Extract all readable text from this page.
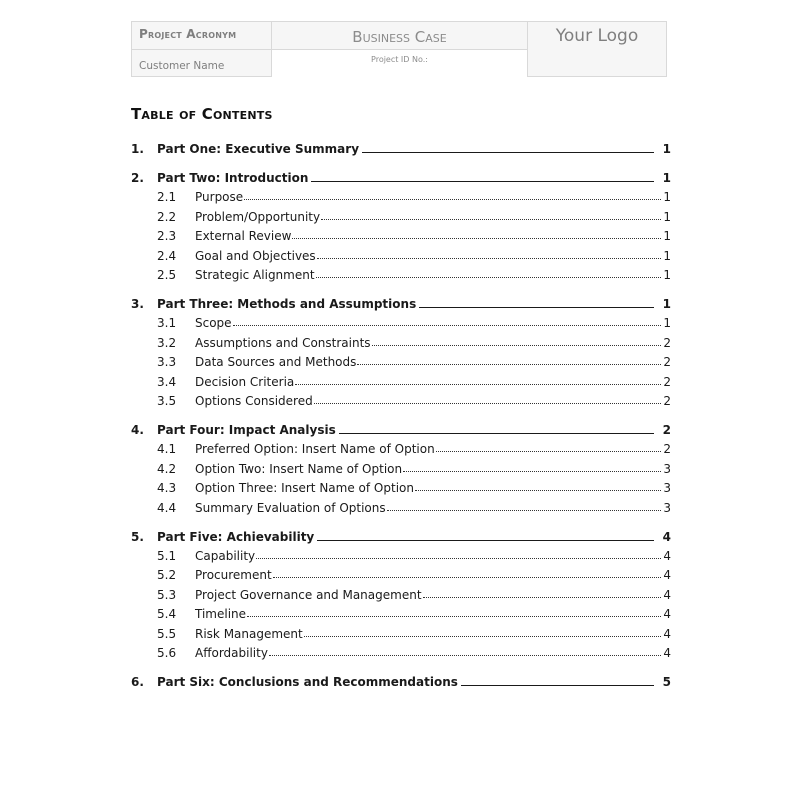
Project Acronym
Customer Name
Business Case
Project ID No.:
Your Logo
Table of Contents
1.	Part One: Executive Summary	1
2.	Part Two: Introduction	1
2.1	Purpose	1
2.2	Problem/Opportunity	1
2.3	External Review	1
2.4	Goal and Objectives	1
2.5	Strategic Alignment	1
3.	Part Three: Methods and Assumptions	1
3.1	Scope	1
3.2	Assumptions and Constraints	2
3.3	Data Sources and Methods	2
3.4	Decision Criteria	2
3.5	Options Considered	2
4.	Part Four: Impact Analysis	2
4.1	Preferred Option: Insert Name of Option	2
4.2	Option Two: Insert Name of Option	3
4.3	Option Three: Insert Name of Option	3
4.4	Summary Evaluation of Options	3
5.	Part Five: Achievability	4
5.1	Capability	4
5.2	Procurement	4
5.3	Project Governance and Management	4
5.4	Timeline	4
5.5	Risk Management	4
5.6	Affordability	4
6.	Part Six: Conclusions and Recommendations	5
